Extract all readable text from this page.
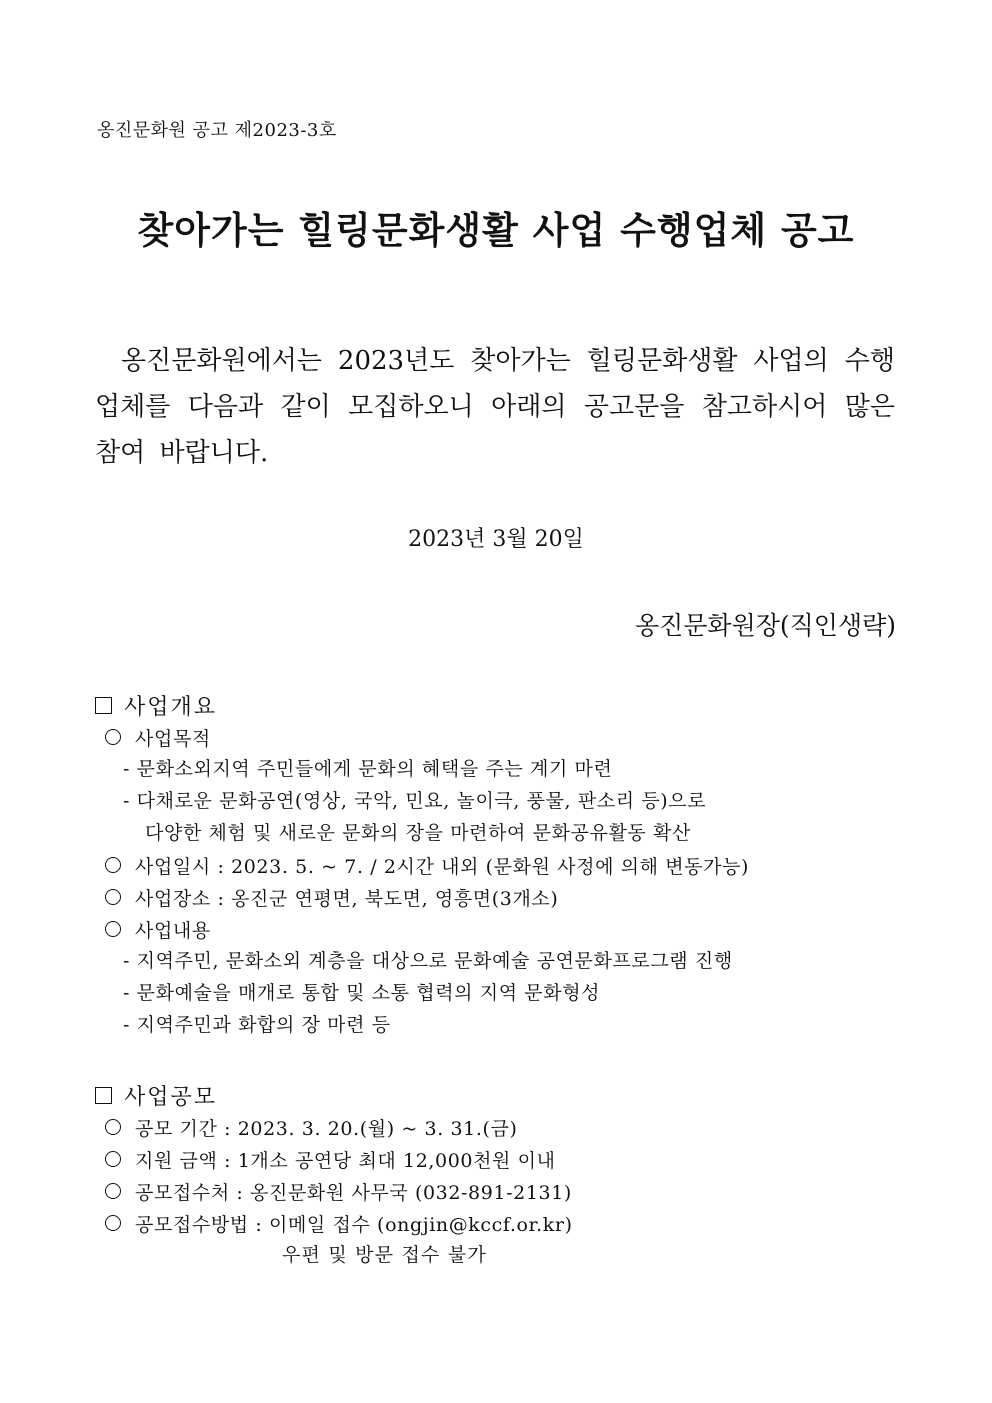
옹진문화원 공고 제2023-3호
찾아가는 힐링문화생활 사업 수행업체 공고
옹진문화원에서는 2023년도 찾아가는 힐링문화생활 사업의 수행업체를 다음과 같이 모집하오니 아래의 공고문을 참고하시어 많은 참여 바랍니다.
2023년 3월 20일
옹진문화원장(직인생략)
사업개요
사업목적
- 문화소외지역 주민들에게 문화의 혜택을 주는 계기 마련
- 다채로운 문화공연(영상, 국악, 민요, 놀이극, 풍물, 판소리 등)으로
다양한 체험 및 새로운 문화의 장을 마련하여 문화공유활동 확산
사업일시 : 2023. 5. ~ 7. / 2시간 내외 (문화원 사정에 의해 변동가능)
사업장소 : 옹진군 연평면, 북도면, 영흥면(3개소)
사업내용
- 지역주민, 문화소외 계층을 대상으로 문화예술 공연문화프로그램 진행
- 문화예술을 매개로 통합 및 소통 협력의 지역 문화형성
- 지역주민과 화합의 장 마련 등
사업공모
공모 기간 : 2023. 3. 20.(월) ~ 3. 31.(금)
지원 금액 : 1개소 공연당 최대 12,000천원 이내
공모접수처 : 옹진문화원 사무국 (032-891-2131)
공모접수방법 : 이메일 접수 (ongjin@kccf.or.kr)
우편 및 방문 접수 불가
